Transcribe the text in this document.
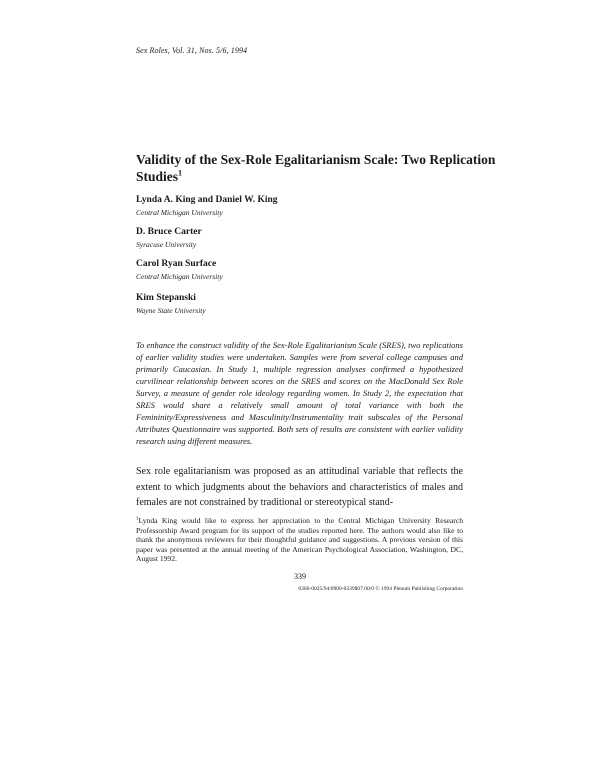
Sex Roles, Vol. 31, Nos. 5/6, 1994
Validity of the Sex-Role Egalitarianism Scale: Two Replication Studies$^1$
Lynda A. King and Daniel W. King
Central Michigan University
D. Bruce Carter
Syracuse University
Carol Ryan Surface
Central Michigan University
Kim Stepanski
Wayne State University
To enhance the construct validity of the Sex-Role Egalitarianism Scale (SRES), two replications of earlier validity studies were undertaken. Samples were from several college campuses and primarily Caucasian. In Study 1, multiple regression analyses confirmed a hypothesized curvilinear relationship between scores on the SRES and scores on the MacDonald Sex Role Survey, a measure of gender role ideology regarding women. In Study 2, the expectation that SRES would share a relatively small amount of total variance with both the Femininity/Expressiveness and Masculinity/Instrumentality trait subscales of the Personal Attributes Questionnaire was supported. Both sets of results are consistent with earlier validity research using different measures.
Sex role egalitarianism was proposed as an attitudinal variable that reflects the extent to which judgments about the behaviors and characteristics of males and females are not constrained by traditional or stereotypical stand-
$^1$Lynda King would like to express her appreciation to the Central Michigan University Research Professorship Award program for its support of the studies reported here. The authors would also like to thank the anonymous reviewers for their thoughtful guidance and suggestions. A previous version of this paper was presented at the annual meeting of the American Psychological Association, Washington, DC, August 1992.
339
0360-0025/94/0900-0339$07.00/0 © 1994 Plenum Publishing Corporation
